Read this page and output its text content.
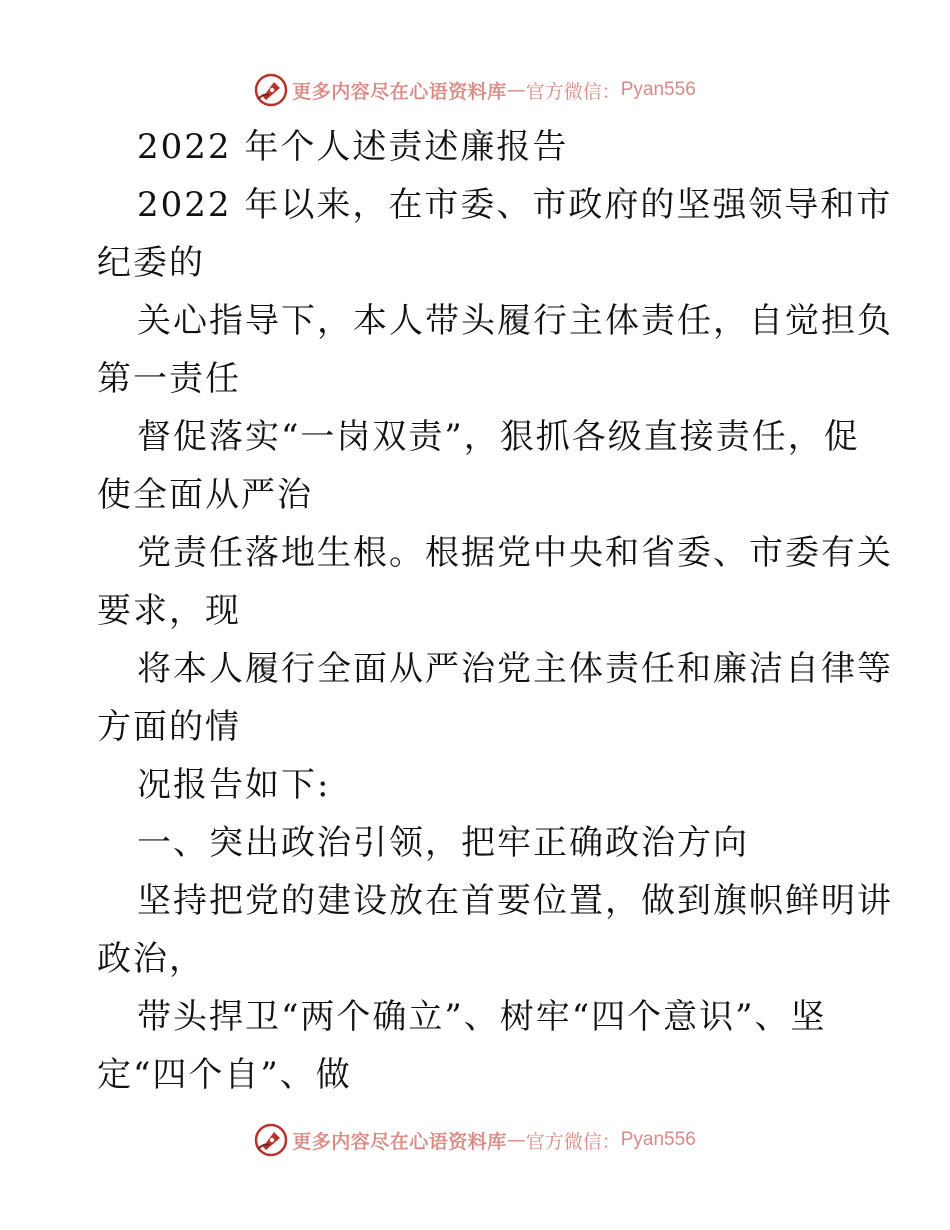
更多内容尽在心语资料库 — 官方微信： Pyan556
2022 年个人述责述廉报告
2022 年以来，在市委、市政府的坚强领导和市
纪委的
关心指导下，本人带头履行主体责任，自觉担负
第一责任
督促落实“一岗双责”，狠抓各级直接责任，促
使全面从严治
党责任落地生根。根据党中央和省委、市委有关
要求，现
将本人履行全面从严治党主体责任和廉洁自律等
方面的情
况报告如下:
一、突出政治引领，把牢正确政治方向
坚持把党的建设放在首要位置，做到旗帜鲜明讲
政治，
带头捍卫“两个确立”、树牢“四个意识”、坚
定“四个自”、做
更多内容尽在心语资料库 — 官方微信： Pyan556
